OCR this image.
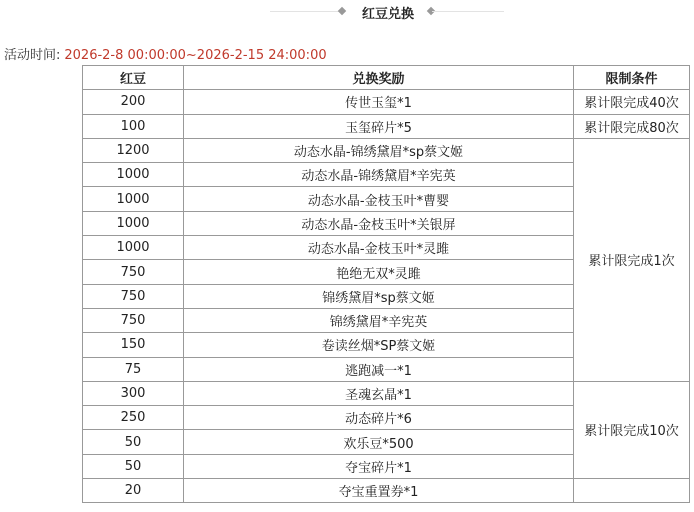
红豆兑换
活动时间: 2026-2-8 00:00:00~2026-2-15 24:00:00
红豆	兑换奖励	限制条件
200	传世玉玺*1	累计限完成40次
100	玉玺碎片*5	累计限完成80次
1200	动态水晶-锦绣黛眉*sp蔡文姬	累计限完成1次
1000	动态水晶-锦绣黛眉*辛宪英	
1000	动态水晶-金枝玉叶*曹婴	
1000	动态水晶-金枝玉叶*关银屏	
1000	动态水晶-金枝玉叶*灵雎	
750	艳绝无双*灵雎	
750	锦绣黛眉*sp蔡文姬	
750	锦绣黛眉*辛宪英	
150	卷读丝烟*SP蔡文姬	
75	逃跑减一*1	
300	圣魂玄晶*1	累计限完成10次
250	动态碎片*6	
50	欢乐豆*500	
50	夺宝碎片*1	
20	夺宝重置券*1	
